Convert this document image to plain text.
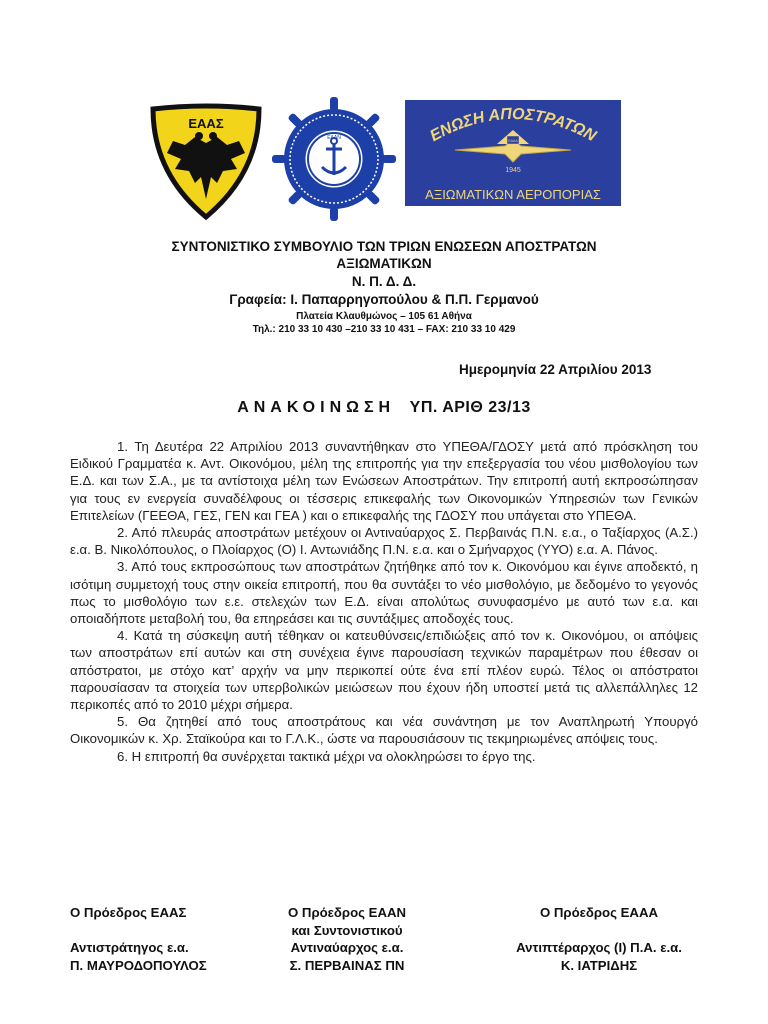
ΕΑΑΣ
ΕΑΑΝ	ΕΝΩΣΗ ΑΠΟΣΤΡΑΤΩΝ
ΕΑΑΑ
1945
ΑΞΙΩΜΑΤΙΚΩΝ ΑΕΡΟΠΟΡΙΑΣ
ΣΥΝΤΟΝΙΣΤΙΚΟ ΣΥΜΒΟΥΛΙΟ ΤΩΝ ΤΡΙΩΝ ΕΝΩΣΕΩΝ ΑΠΟΣΤΡΑΤΩΝ
ΑΞΙΩΜΑΤΙΚΩΝ
Ν. Π. Δ. Δ.
Γραφεία: Ι. Παπαρρηγοπούλου & Π.Π. Γερμανού
Πλατεία Κλαυθμώνος – 105 61 Αθήνα
Τηλ.: 210 33 10 430 –210 33 10 431 – FAX: 210 33 10 429
Ημερομηνία 22 Απριλίου 2013
ΑΝΑΚΟΙΝΩΣΗ ΥΠ. ΑΡΙΘ 23/13

1. Τη Δευτέρα 22 Απριλίου 2013 συναντήθηκαν στο ΥΠΕΘΑ/ΓΔΟΣΥ μετά από πρόσκληση του Ειδικού Γραμματέα κ. Αντ. Οικονόμου, μέλη της επιτροπής για την επεξεργασία του νέου μισθολογίου των Ε.Δ. και των Σ.Α., με τα αντίστοιχα μέλη των Ενώσεων Αποστράτων. Την επιτροπή αυτή εκπροσώπησαν για τους εν ενεργεία συναδέλφους οι τέσσερις επικεφαλής των Οικονομικών Υπηρεσιών των Γενικών Επιτελείων (ΓΕΕΘΑ, ΓΕΣ, ΓΕΝ και ΓΕΑ ) και ο επικεφαλής της ΓΔΟΣΥ που υπάγεται στο ΥΠΕΘΑ.

2. Από πλευράς αποστράτων μετέχουν οι Αντιναύαρχος Σ. Περβαινάς Π.Ν. ε.α., ο Ταξίαρχος (Α.Σ.) ε.α. Β. Νικολόπουλος, ο Πλοίαρχος (Ο) Ι. Αντωνιάδης Π.Ν. ε.α. και ο Σμήναρχος (ΥΥΟ) ε.α. Α. Πάνος.

3. Από τους εκπροσώπους των αποστράτων ζητήθηκε από τον κ. Οικονόμου και έγινε αποδεκτό, η ισότιμη συμμετοχή τους στην οικεία επιτροπή, που θα συντάξει το νέο μισθολόγιο, με δεδομένο το γεγονός πως το μισθολόγιο των ε.ε. στελεχών των Ε.Δ. είναι απολύτως συνυφασμένο με αυτό των ε.α. και οποιαδήποτε μεταβολή του, θα επηρεάσει και τις συντάξιμες αποδοχές τους.

4. Κατά τη σύσκεψη αυτή τέθηκαν οι κατευθύνσεις/επιδιώξεις από τον κ. Οικονόμου, οι απόψεις των αποστράτων επί αυτών και στη συνέχεια έγινε παρουσίαση τεχνικών παραμέτρων που έθεσαν οι απόστρατοι, με στόχο κατ’ αρχήν να μην περικοπεί ούτε ένα επί πλέον ευρώ. Τέλος οι απόστρατοι παρουσίασαν τα στοιχεία των υπερβολικών μειώσεων που έχουν ήδη υποστεί μετά τις αλλεπάλληλες 12 περικοπές από το 2010 μέχρι σήμερα.

5. Θα ζητηθεί από τους αποστράτους και νέα συνάντηση με τον Αναπληρωτή Υπουργό Οικονομικών κ. Χρ. Σταϊκούρα και το Γ.Λ.Κ., ώστε να παρουσιάσουν τις τεκμηριωμένες απόψεις τους.

6. Η επιτροπή θα συνέρχεται τακτικά μέχρι να ολοκληρώσει το έργο της.

Ο Πρόεδρος ΕΑΑΣ
Αντιστράτηγος ε.α.
Π. ΜΑΥΡΟΔΟΠΟΥΛΟΣ
Ο Πρόεδρος ΕΑΑΝ
και Συντονιστικού
Αντιναύαρχος ε.α.
Σ. ΠΕΡΒΑΙΝΑΣ ΠΝ
Ο Πρόεδρος ΕΑΑΑ
Αντιπτέραρχος (Ι) Π.Α. ε.α.
Κ. ΙΑΤΡΙΔΗΣ
